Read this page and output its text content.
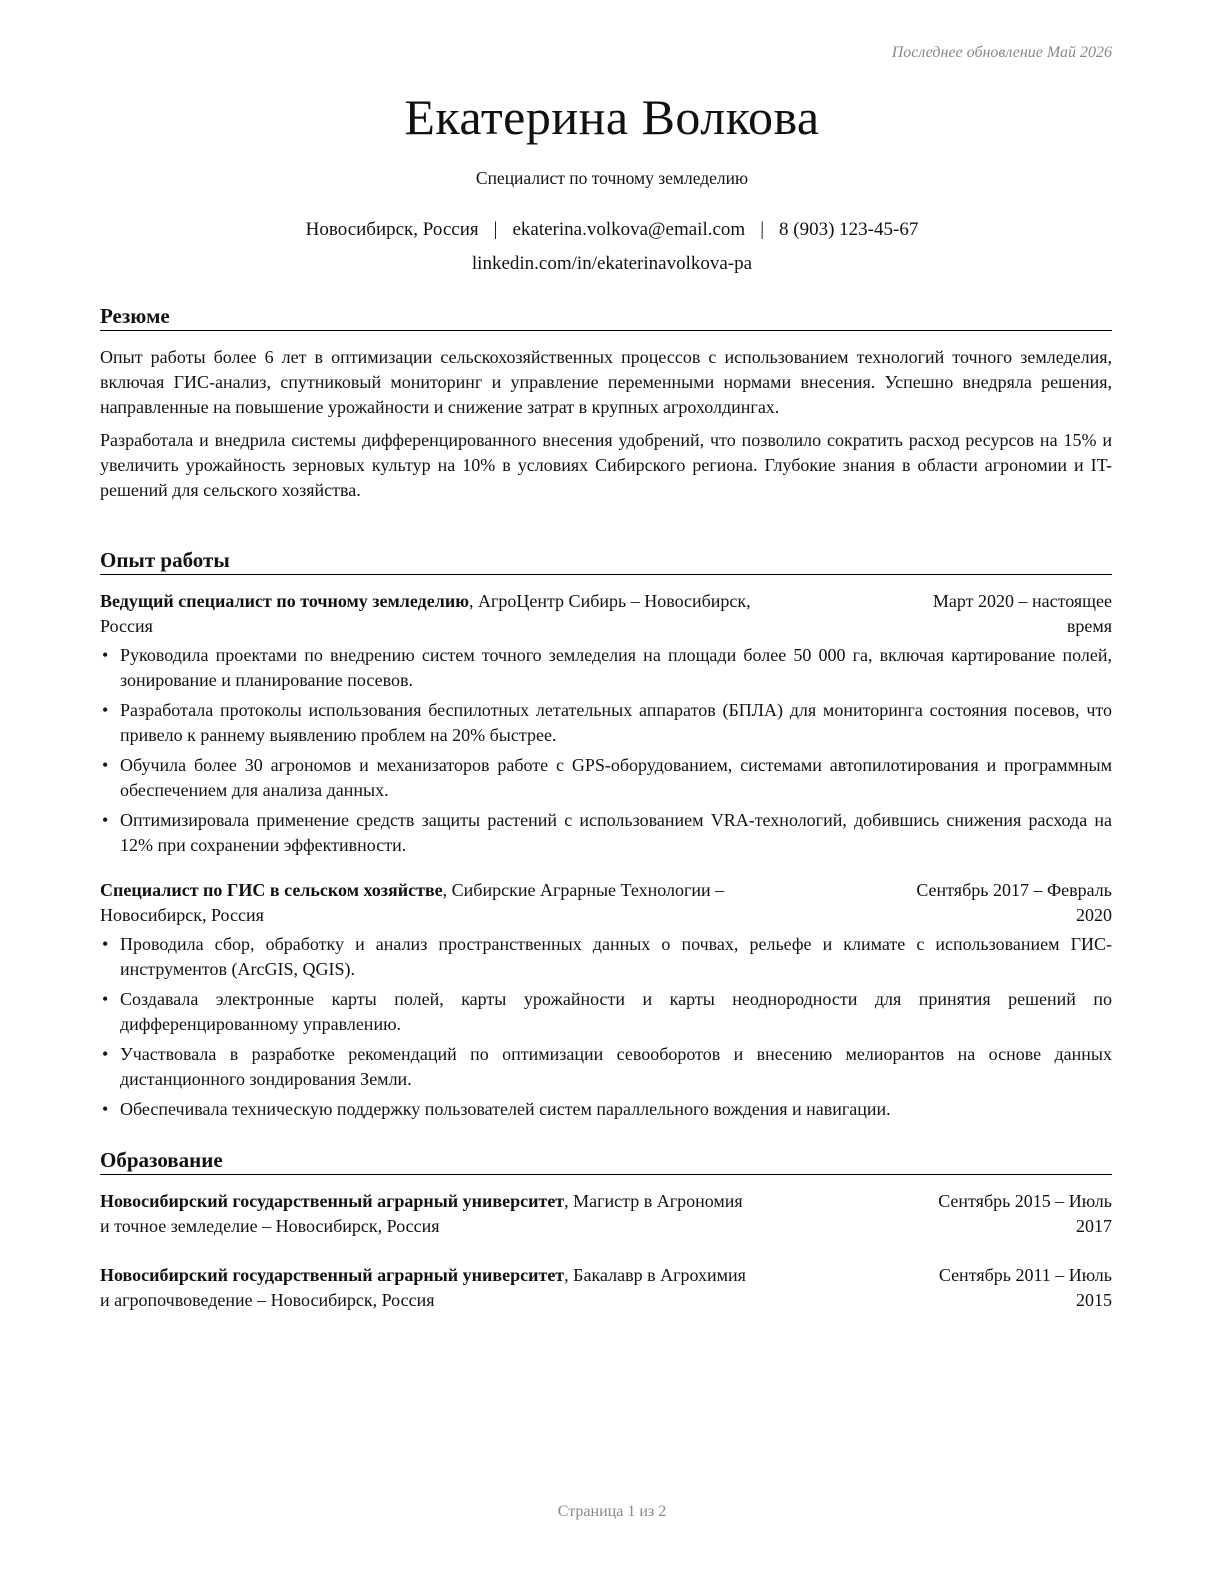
Последнее обновление Май 2026
Екатерина Волкова
Специалист по точному земледелию
Новосибирск, Россия | ekaterina.volkova@email.com | 8 (903) 123-45-67
linkedin.com/in/ekaterinavolkova-pa
Резюме

Опыт работы более 6 лет в оптимизации сельскохозяйственных процессов с использованием технологий точного земледелия, включая ГИС-анализ, спутниковый мониторинг и управление переменными нормами внесения. Успешно внедряла решения, направленные на повышение урожайности и снижение затрат в крупных агрохолдингах.

Разработала и внедрила системы дифференцированного внесения удобрений, что позволило сократить расход ресурсов на 15% и увеличить урожайность зерновых культур на 10% в условиях Сибирского региона. Глубокие знания в области агрономии и IT-решений для сельского хозяйства.

Опыт работы
Ведущий специалист по точному земледелию, АгроЦентр Сибирь – Новосибирск,	Март 2020 – настоящее
Россия	время
• Руководила проектами по внедрению систем точного земледелия на площади более 50 000 га, включая картирование полей, зонирование и планирование посевов.
• Разработала протоколы использования беспилотных летательных аппаратов (БПЛА) для мониторинга состояния посевов, что привело к раннему выявлению проблем на 20% быстрее.
• Обучила более 30 агрономов и механизаторов работе с GPS-оборудованием, системами автопилотирования и программным обеспечением для анализа данных.
• Оптимизировала применение средств защиты растений с использованием VRA-технологий, добившись снижения расхода на 12% при сохранении эффективности.
Специалист по ГИС в сельском хозяйстве, Сибирские Аграрные Технологии –	Сентябрь 2017 – Февраль
Новосибирск, Россия	2020
• Проводила сбор, обработку и анализ пространственных данных о почвах, рельефе и климате с использованием ГИС-инструментов (ArcGIS, QGIS).
• Создавала электронные карты полей, карты урожайности и карты неоднородности для принятия решений по дифференцированному управлению.
• Участвовала в разработке рекомендаций по оптимизации севооборотов и внесению мелиорантов на основе данных дистанционного зондирования Земли.
• Обеспечивала техническую поддержку пользователей систем параллельного вождения и навигации.
Образование
Новосибирский государственный аграрный университет, Магистр в Агрономия	Сентябрь 2015 – Июль
и точное земледелие – Новосибирск, Россия	2017
Новосибирский государственный аграрный университет, Бакалавр в Агрохимия	Сентябрь 2011 – Июль
и агропочвоведение – Новосибирск, Россия	2015
Страница 1 из 2
